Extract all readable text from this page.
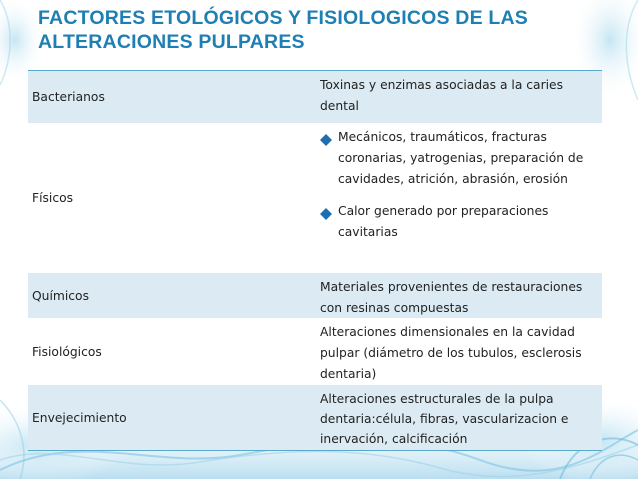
FACTORES ETOLÓGICOS Y FISIOLOGICOS DE LAS ALTERACIONES PULPARES
Bacterianos
Toxinas y enzimas asociadas a la caries dental
Físicos
Mecánicos, traumáticos, fracturas coronarias, yatrogenias, preparación de cavidades, atrición, abrasión, erosión
Calor generado por preparaciones cavitarias
Químicos
Materiales provenientes de restauraciones con resinas compuestas
Fisiológicos
Alteraciones dimensionales en la cavidad pulpar (diámetro de los tubulos, esclerosis dentaria)
Envejecimiento
Alteraciones estructurales de la pulpa dentaria:célula, fibras, vascularizacion e inervación, calcificación
